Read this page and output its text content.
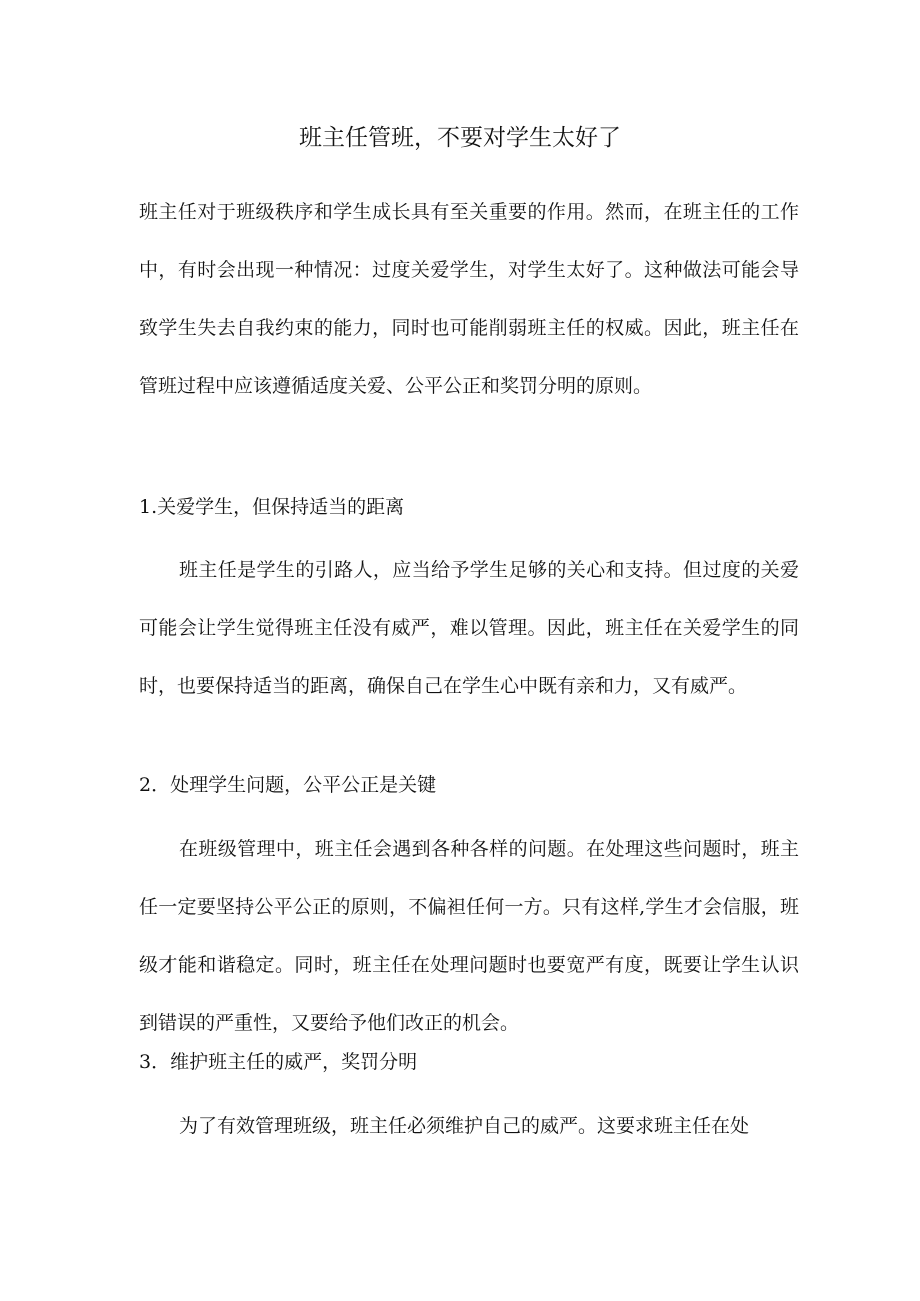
班主任管班，不要对学生太好了

班主任对于班级秩序和学生成长具有至关重要的作用。然而，在班主任的工作中，有时会出现一种情况：过度关爱学生，对学生太好了。这种做法可能会导致学生失去自我约束的能力，同时也可能削弱班主任的权威。因此，班主任在管班过程中应该遵循适度关爱、公平公正和奖罚分明的原则。

1.关爱学生，但保持适当的距离

班主任是学生的引路人，应当给予学生足够的关心和支持。但过度的关爱可能会让学生觉得班主任没有威严，难以管理。因此，班主任在关爱学生的同时，也要保持适当的距离，确保自己在学生心中既有亲和力，又有威严。

2．处理学生问题，公平公正是关键

在班级管理中，班主任会遇到各种各样的问题。在处理这些问题时，班主任一定要坚持公平公正的原则，不偏袒任何一方。只有这样,学生才会信服，班级才能和谐稳定。同时，班主任在处理问题时也要宽严有度，既要让学生认识到错误的严重性，又要给予他们改正的机会。

3．维护班主任的威严，奖罚分明

为了有效管理班级，班主任必须维护自己的威严。这要求班主任在处
